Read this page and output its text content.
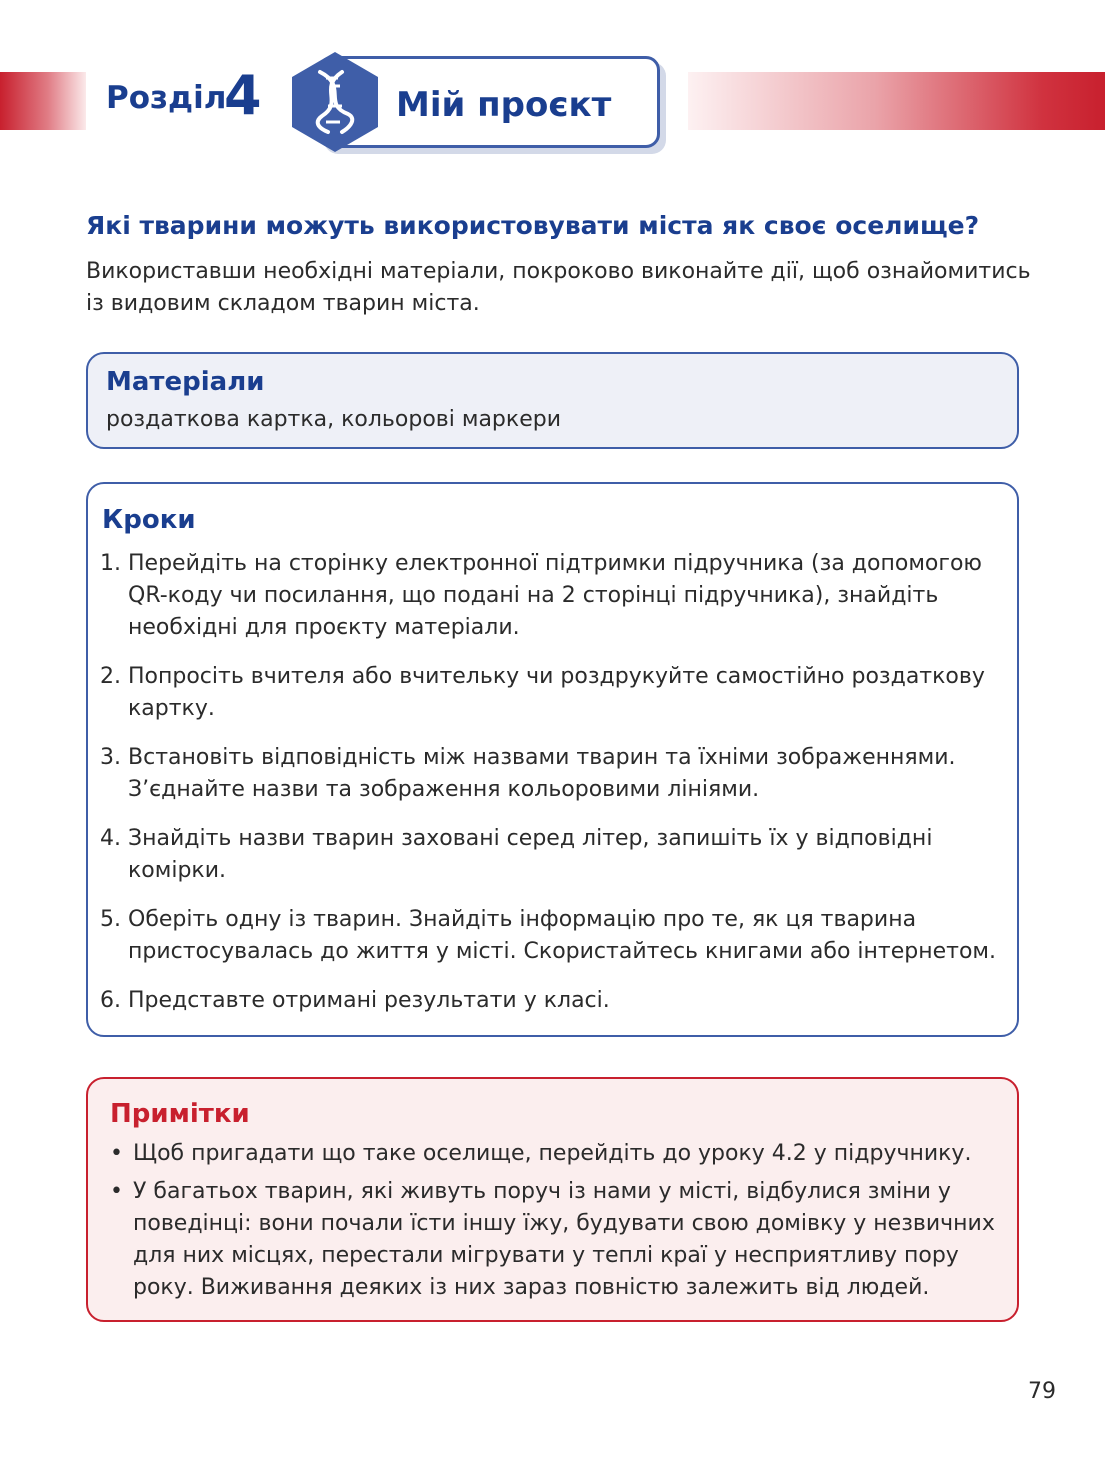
Розділ
4	Мій проєкт
Які тварини можуть використовувати міста як своє оселище?
Використавши необхідні матеріали, покроково виконайте дії, щоб ознайомитись із видовим складом тварин міста.
Матеріали
роздаткова картка, кольорові маркери
Кроки
1. Перейдіть на сторінку електронної підтримки підручника (за допомогою QR-коду чи посилання, що подані на 2 сторінці підручника), знайдіть необхідні для проєкту матеріали.
2. Попросіть вчителя або вчительку чи роздрукуйте самостійно роздаткову картку.
3. Встановіть відповідність між назвами тварин та їхніми зображеннями. З’єднайте назви та зображення кольоровими лініями.
4. Знайдіть назви тварин заховані серед літер, запишіть їх у відповідні комірки.
5. Оберіть одну із тварин. Знайдіть інформацію про те, як ця тварина пристосувалась до життя у місті. Скористайтесь книгами або інтернетом.
6. Представте отримані результати у класі.
Примітки
• Щоб пригадати що таке оселище, перейдіть до уроку 4.2 у підручнику.
• У багатьох тварин, які живуть поруч із нами у місті, відбулися зміни у поведінці: вони почали їсти іншу їжу, будувати свою домівку у незвичних для них місцях, перестали мігрувати у теплі краї у несприятливу пору року. Виживання деяких із них зараз повністю залежить від людей.
79
